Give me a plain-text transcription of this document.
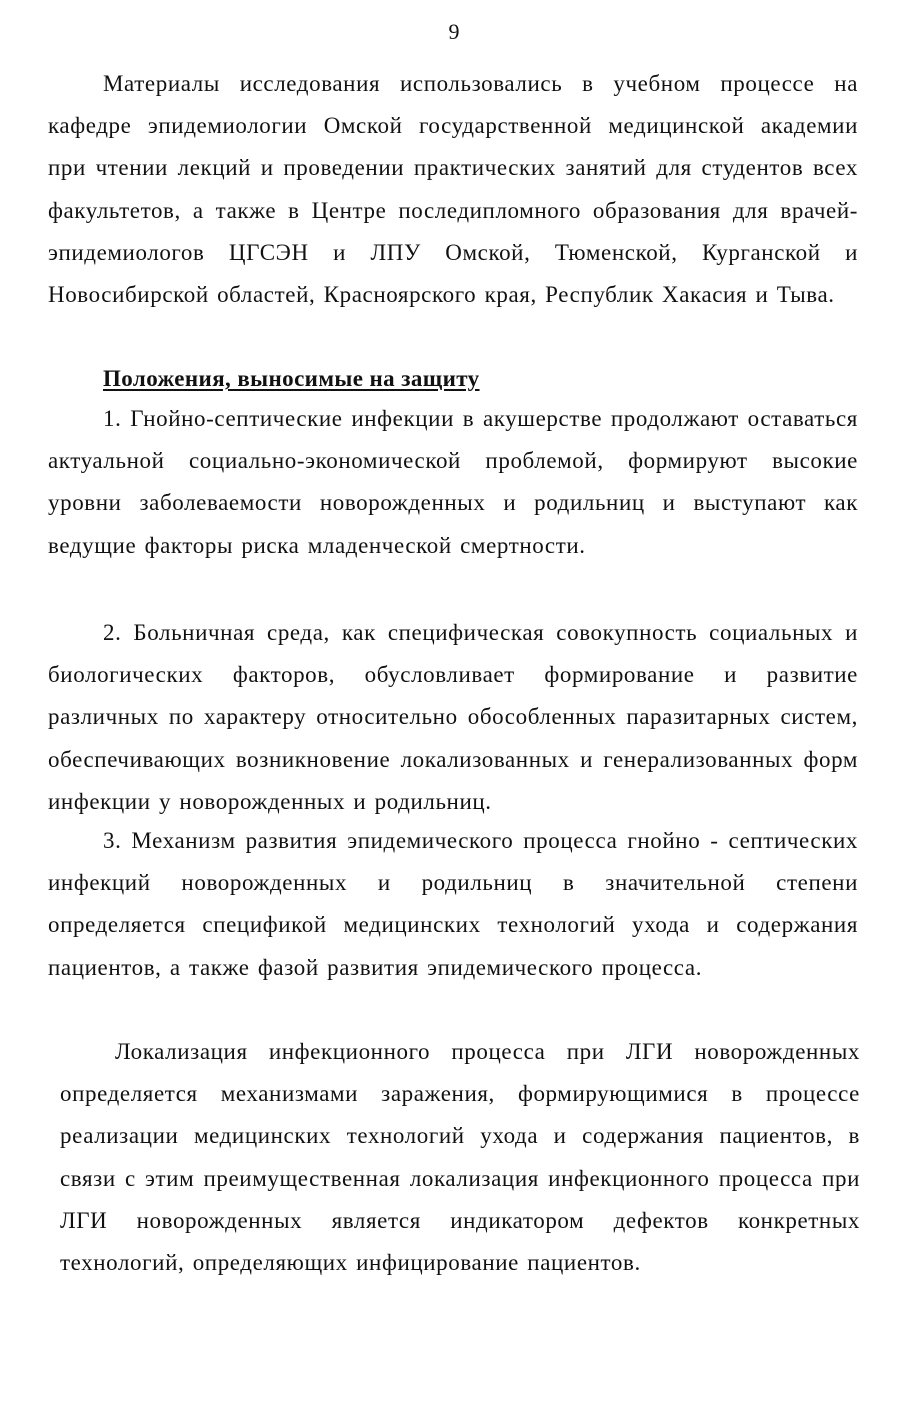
9

Материалы исследования использовались в учебном процессе на кафедре эпидемиологии Омской государственной медицинской академии при чтении лекций и проведении практических занятий для студентов всех факультетов, а также в Центре последипломного образования для врачей-эпидемиологов ЦГСЭН и ЛПУ Омской, Тюменской, Курганской и Новосибирской областей, Красноярского края, Республик Хакасия и Тыва.

Положения, выносимые на защиту

1. Гнойно-септические инфекции в акушерстве продолжают оставаться актуальной социально-экономической проблемой, формируют высокие уровни заболеваемости новорожденных и родильниц и выступают как ведущие факторы риска младенческой смертности.

2. Больничная среда, как специфическая совокупность социальных и биологических факторов, обусловливает формирование и развитие различных по характеру относительно обособленных паразитарных систем, обеспечивающих возникновение локализованных и генерализованных форм инфекции у новорожденных и родильниц.

3. Механизм развития эпидемического процесса гнойно - септических инфекций новорожденных и родильниц в значительной степени определяется спецификой медицинских технологий ухода и содержания пациентов, а также фазой развития эпидемического процесса.

Локализация инфекционного процесса при ЛГИ новорожденных определяется механизмами заражения, формирующимися в процессе реализации медицинских технологий ухода и содержания пациентов, в связи с этим преимущественная локализация инфекционного процесса при ЛГИ новорожденных является индикатором дефектов конкретных технологий, определяющих инфицирование пациентов.
